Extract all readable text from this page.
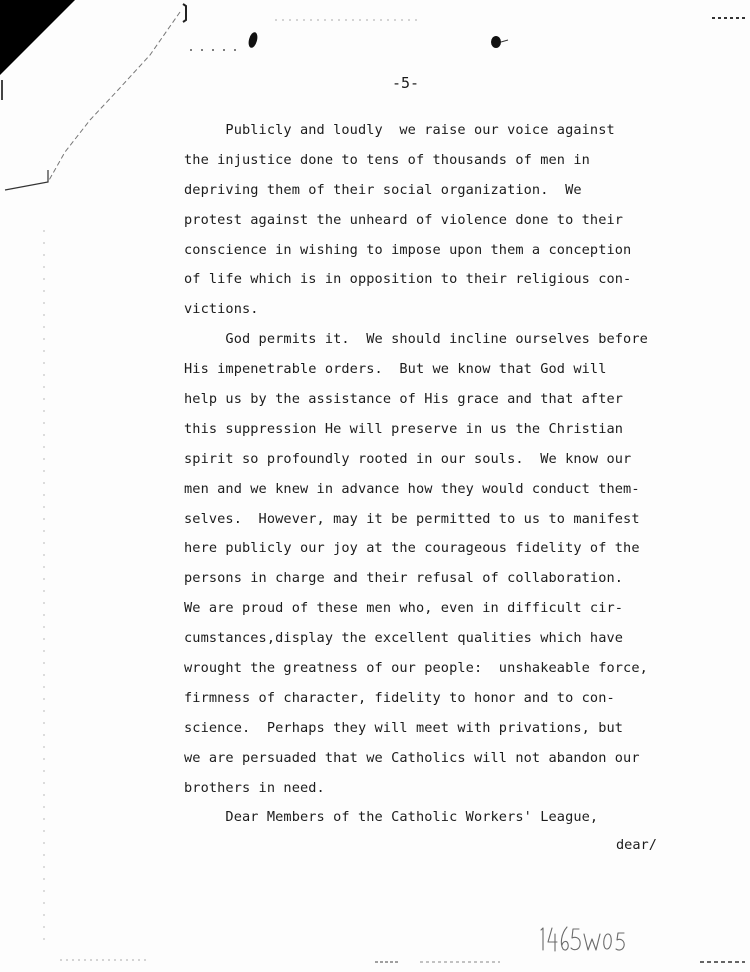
-5-

Publicly and loudly  we raise our voice against

the injustice done to tens of thousands of men in

depriving them of their social organization.  We

protest against the unheard of violence done to their

conscience in wishing to impose upon them a conception

of life which is in opposition to their religious con-

victions.

God permits it.  We should incline ourselves before

His impenetrable orders.  But we know that God will

help us by the assistance of His grace and that after

this suppression He will preserve in us the Christian

spirit so profoundly rooted in our souls.  We know our

men and we knew in advance how they would conduct them-

selves.  However, may it be permitted to us to manifest

here publicly our joy at the courageous fidelity of the

persons in charge and their refusal of collaboration.

We are proud of these men who, even in difficult cir-

cumstances,display the excellent qualities which have

wrought the greatness of our people:  unshakeable force,

firmness of character, fidelity to honor and to con-

science.  Perhaps they will meet with privations, but

we are persuaded that we Catholics will not abandon our

brothers in need.

Dear Members of the Catholic Workers' League,

dear/
